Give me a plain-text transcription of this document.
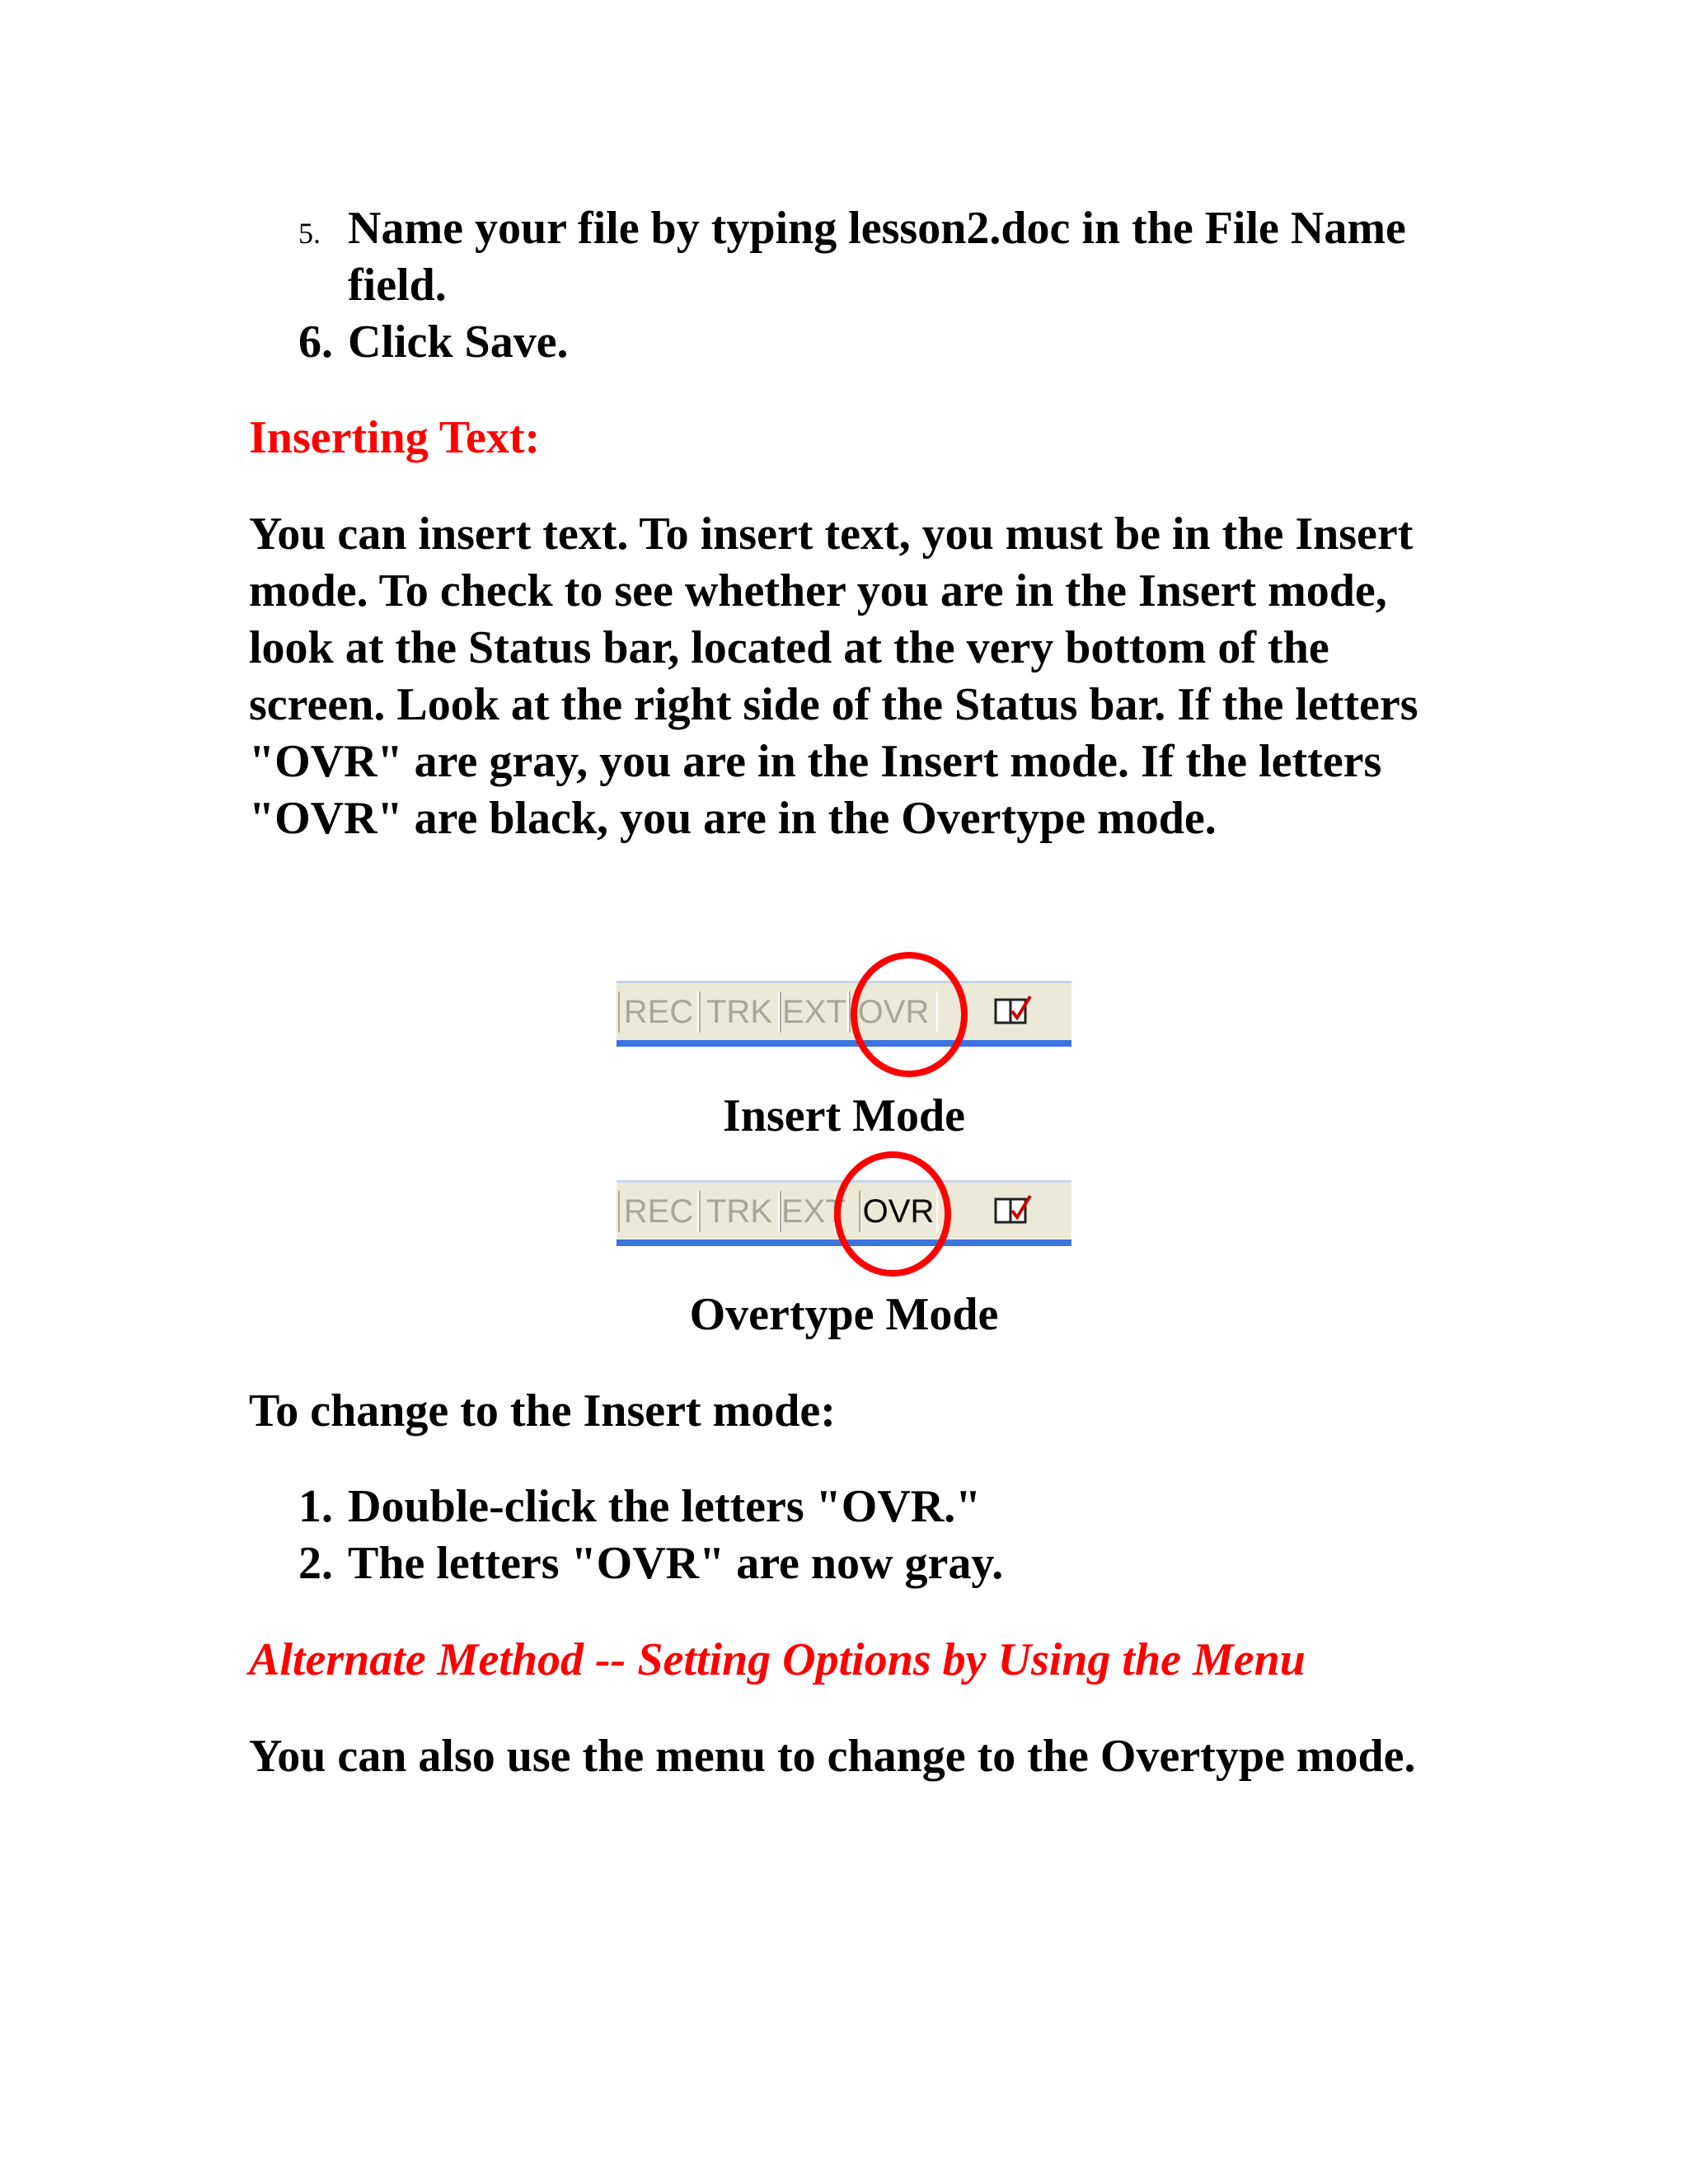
5. Name your file by typing lesson2.doc in the File Name field.
6. Click Save.
Inserting Text:
You can insert text. To insert text, you must be in the Insert mode. To check to see whether you are in the Insert mode, look at the Status bar, located at the very bottom of the screen. Look at the right side of the Status bar. If the letters "OVR" are gray, you are in the Insert mode. If the letters "OVR" are black, you are in the Overtype mode.
REC TRK EXT OVR
Insert Mode
REC TRK EXT OVR
Overtype Mode
To change to the Insert mode:
1. Double-click the letters "OVR."
2. The letters "OVR" are now gray.
Alternate Method -- Setting Options by Using the Menu
You can also use the menu to change to the Overtype mode.
